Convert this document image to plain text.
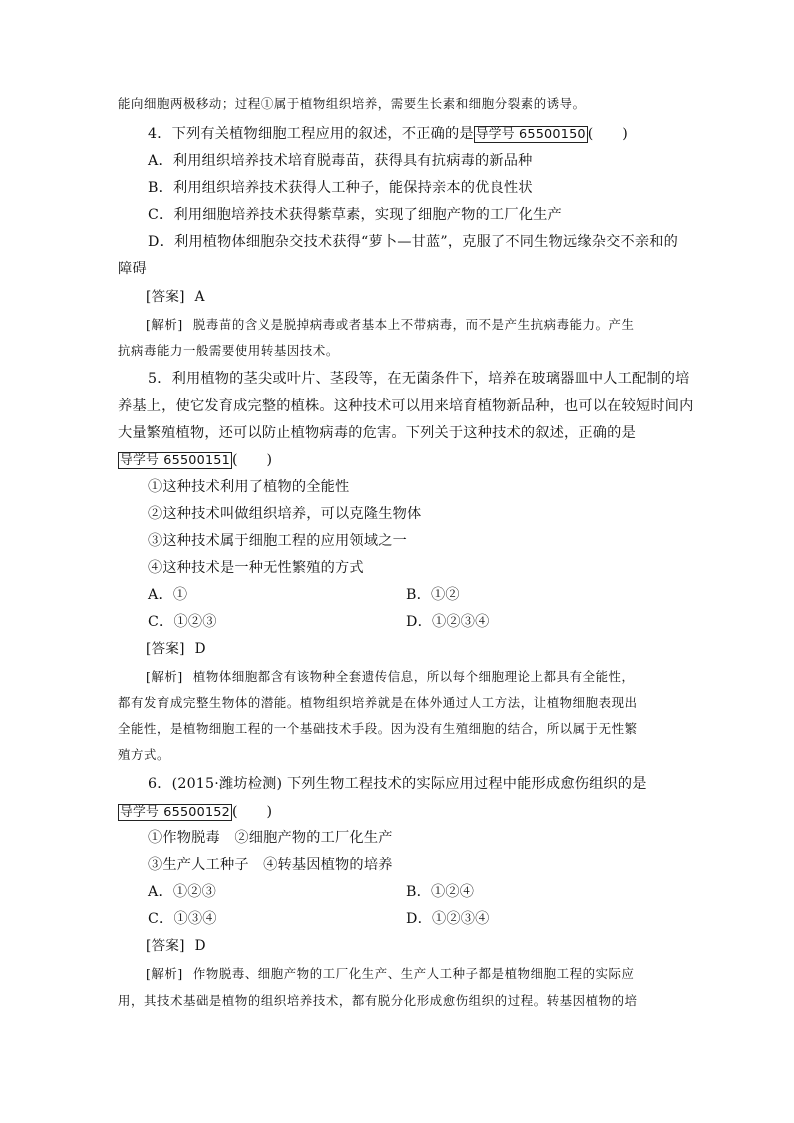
能向细胞两极移动；过程①属于植物组织培养，需要生长素和细胞分裂素的诱导。
4．下列有关植物细胞工程应用的叙述，不正确的是 导学号 65500150 (　　)
A．利用组织培养技术培育脱毒苗，获得具有抗病毒的新品种
B．利用组织培养技术获得人工种子，能保持亲本的优良性状
C．利用细胞培养技术获得紫草素，实现了细胞产物的工厂化生产
D．利用植物体细胞杂交技术获得“萝卜—甘蓝”，克服了不同生物远缘杂交不亲和的
障碍
[答案] A
[解析] 脱毒苗的含义是脱掉病毒或者基本上不带病毒，而不是产生抗病毒能力。产生
抗病毒能力一般需要使用转基因技术。
5．利用植物的茎尖或叶片、茎段等，在无菌条件下，培养在玻璃器皿中人工配制的培
养基上，使它发育成完整的植株。这种技术可以用来培育植物新品种，也可以在较短时间内
大量繁殖植物，还可以防止植物病毒的危害。下列关于这种技术的叙述，正确的是
导学号 65500151 (　　)
①这种技术利用了植物的全能性
②这种技术叫做组织培养，可以克隆生物体
③这种技术属于细胞工程的应用领域之一
④这种技术是一种无性繁殖的方式
A．①	B．①②
C．①②③	D．①②③④
[答案] D
[解析] 植物体细胞都含有该物种全套遗传信息，所以每个细胞理论上都具有全能性，
都有发育成完整生物体的潜能。植物组织培养就是在体外通过人工方法，让植物细胞表现出
全能性，是植物细胞工程的一个基础技术手段。因为没有生殖细胞的结合，所以属于无性繁
殖方式。
6．(2015·潍坊检测) 下列生物工程技术的实际应用过程中能形成愈伤组织的是
导学号 65500152 (　　)
①作物脱毒　②细胞产物的工厂化生产
③生产人工种子　④转基因植物的培养
A．①②③	B．①②④
C．①③④	D．①②③④
[答案] D
[解析] 作物脱毒、细胞产物的工厂化生产、生产人工种子都是植物细胞工程的实际应
用，其技术基础是植物的组织培养技术，都有脱分化形成愈伤组织的过程。转基因植物的培
